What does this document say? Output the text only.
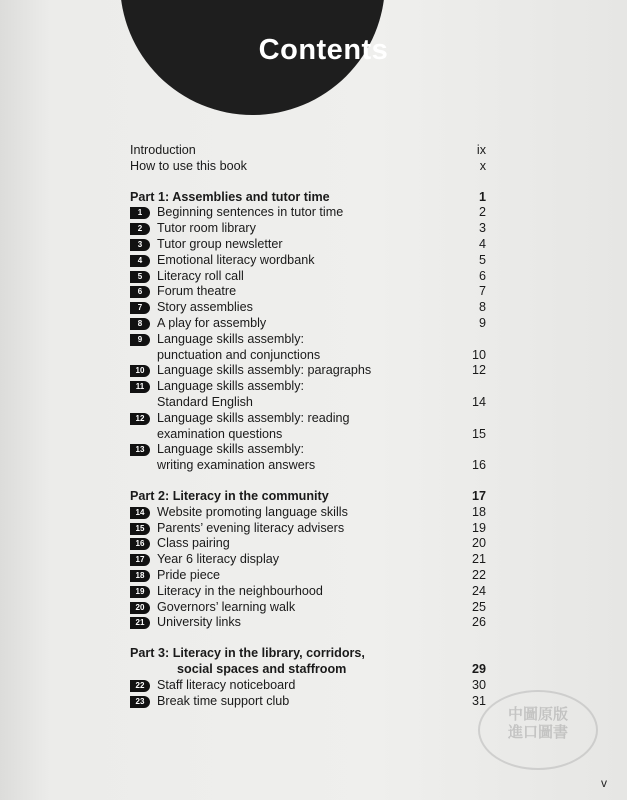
Contents
Introduction	ix
How to use this book	x
Part 1: Assemblies and tutor time	1
1	Beginning sentences in tutor time	2
2	Tutor room library	3
3	Tutor group newsletter	4
4	Emotional literacy wordbank	5
5	Literacy roll call	6
6	Forum theatre	7
7	Story assemblies	8
8	A play for assembly	9
9	Language skills assembly:
punctuation and conjunctions	10
10 Language skills assembly: paragraphs	12
11	Language skills assembly:
Standard English	14
12 Language skills assembly: reading
examination questions	15
13 Language skills assembly:
writing examination answers	16
Part 2: Literacy in the community	17
14 Website promoting language skills	18
15 Parents’ evening literacy advisers	19
16 Class pairing	20
17 Year 6 literacy display	21
18 Pride piece	22
19 Literacy in the neighbourhood	24
20 Governors’ learning walk	25
21 University links	26
Part 3: Literacy in the library, corridors,
social spaces and staffroom	29
22 Staff literacy noticeboard	30
23 Break time support club	31
中圖原版
進口圖書
v
